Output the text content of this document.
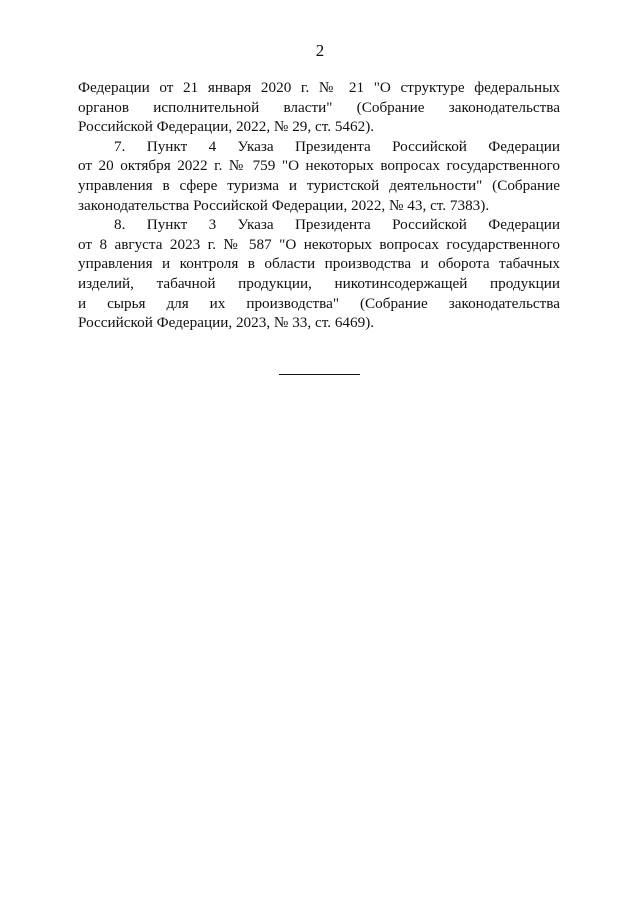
2
Федерации от 21 января 2020 г. № 21 "О структуре федеральных
органов исполнительной власти" (Собрание законодательства
Российской Федерации, 2022, № 29, ст. 5462).
7. Пункт 4 Указа Президента Российской Федерации
от 20 октября 2022 г. № 759 "О некоторых вопросах государственного
управления в сфере туризма и туристской деятельности" (Собрание
законодательства Российской Федерации, 2022, № 43, ст. 7383).
8. Пункт 3 Указа Президента Российской Федерации
от 8 августа 2023 г. № 587 "О некоторых вопросах государственного
управления и контроля в области производства и оборота табачных
изделий, табачной продукции, никотинсодержащей продукции
и сырья для их производства" (Собрание законодательства
Российской Федерации, 2023, № 33, ст. 6469).
